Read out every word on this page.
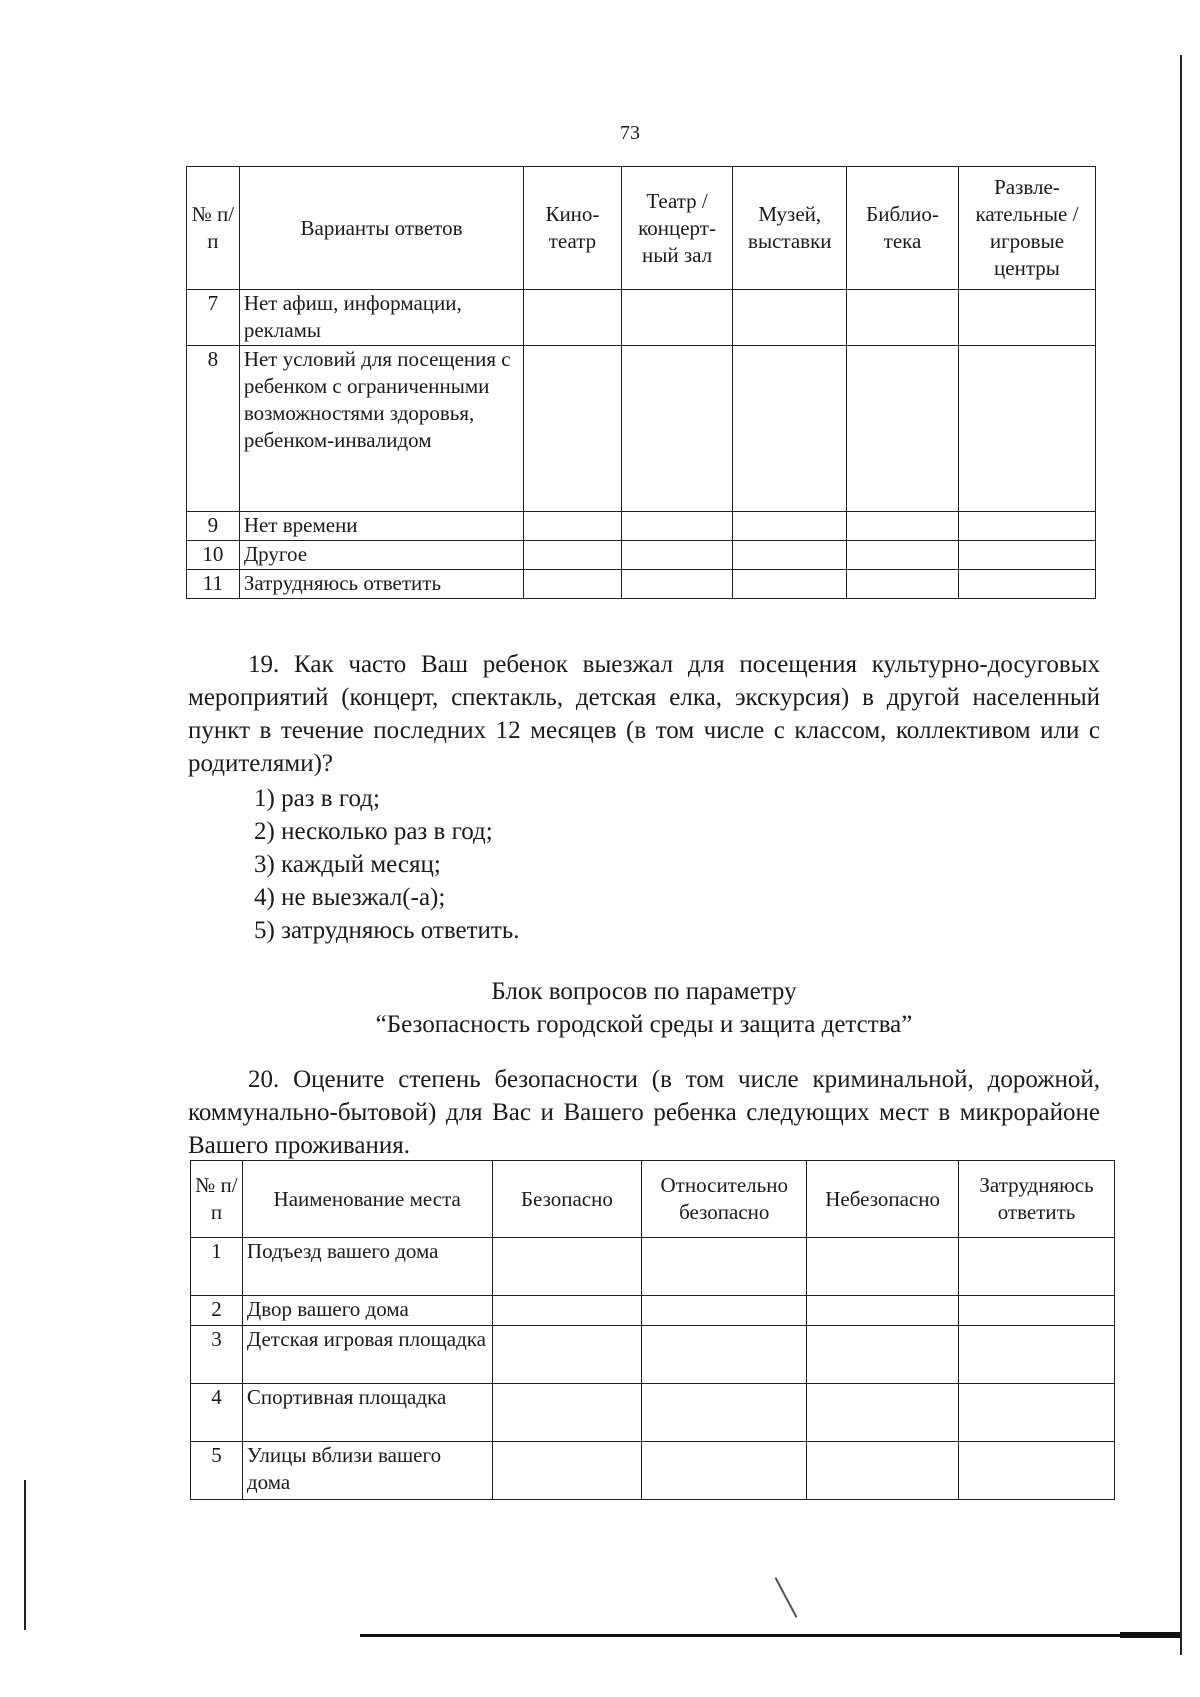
73
№ п/п	Варианты ответов	Кино-театр	Театр / концерт-ный зал	Музей, выставки	Библио-тека	Развле-кательные / игровые центры
7	Нет афиш, информации, рекламы					
8	Нет условий для посещения с ребенком с ограниченными возможностями здоровья, ребенком-инвалидом					
9	Нет времени					
10	Другое					
11	Затрудняюсь ответить					
19. Как часто Ваш ребенок выезжал для посещения культурно-досуговых мероприятий (концерт, спектакль, детская елка, экскурсия) в другой населенный пункт в течение последних 12 месяцев (в том числе с классом, коллективом или с родителями)?
1) раз в год;
2) несколько раз в год;
3) каждый месяц;
4) не выезжал(-а);
5) затрудняюсь ответить.
Блок вопросов по параметру
“Безопасность городской среды и защита детства”
20. Оцените степень безопасности (в том числе криминальной, дорожной, коммунально-бытовой) для Вас и Вашего ребенка следующих мест в микрорайоне Вашего проживания.
№ п/п	Наименование места	Безопасно	Относительно безопасно	Небезопасно	Затрудняюсь ответить
1	Подъезд вашего дома				
2	Двор вашего дома				
3	Детская игровая площадка				
4	Спортивная площадка				
5	Улицы вблизи вашего дома				
